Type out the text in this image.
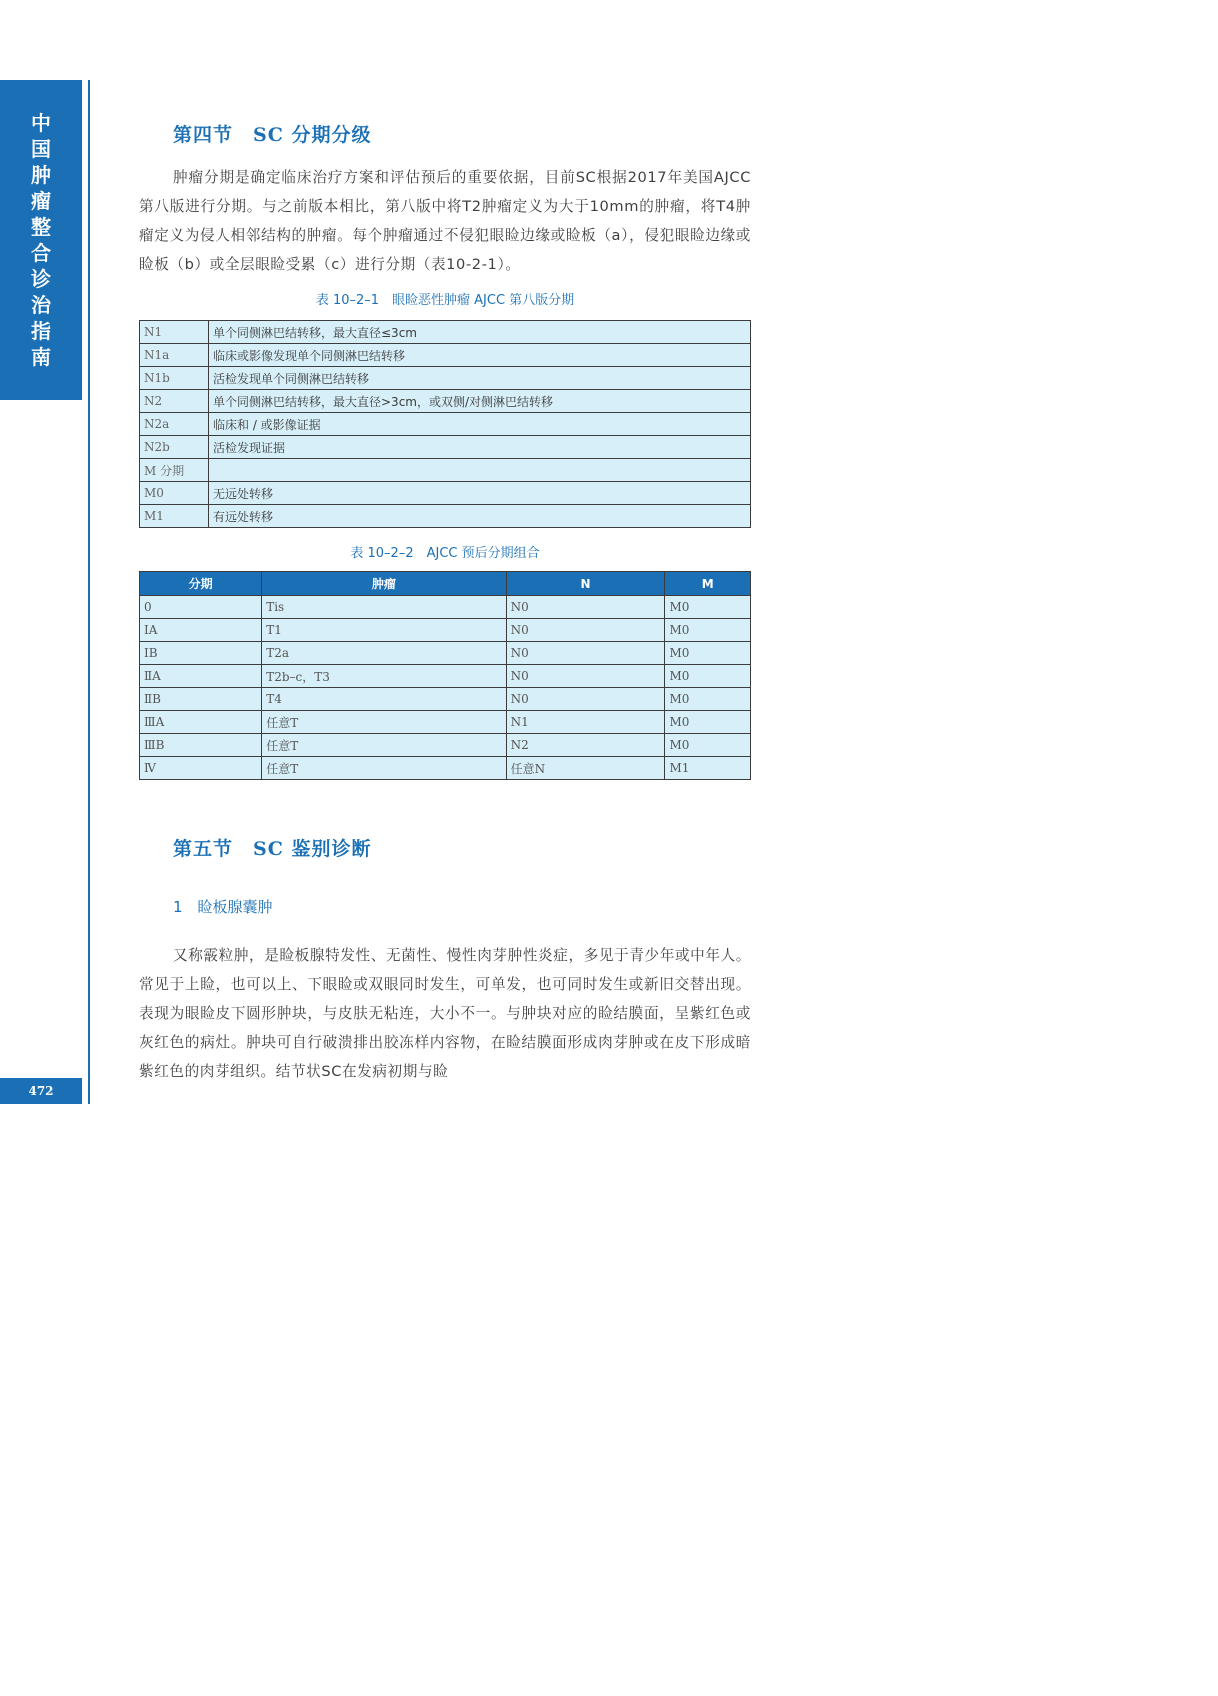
中
国
肿
瘤
整
合
诊
治
指
南
472
第四节　SC 分期分级

肿瘤分期是确定临床治疗方案和评估预后的重要依据，目前SC根据2017年美国AJCC第八版进行分期。与之前版本相比，第八版中将T2肿瘤定义为大于10mm的肿瘤，将T4肿瘤定义为侵人相邻结构的肿瘤。每个肿瘤通过不侵犯眼睑边缘或睑板（a），侵犯眼睑边缘或睑板（b）或全层眼睑受累（c）进行分期（表10-2-1）。

表 10–2–1　眼睑恶性肿瘤 AJCC 第八版分期

N1	单个同侧淋巴结转移，最大直径≤3cm
N1a	临床或影像发现单个同侧淋巴结转移
N1b	活检发现单个同侧淋巴结转移
N2	单个同侧淋巴结转移，最大直径>3cm，或双侧/对侧淋巴结转移
N2a	临床和 / 或影像证据
N2b	活检发现证据
M 分期	
M0	无远处转移
M1	有远处转移

表 10–2–2　AJCC 预后分期组合

分期	肿瘤	N	M
0	Tis	N0	M0
ⅠA	T1	N0	M0
ⅠB	T2a	N0	M0
ⅡA	T2b–c，T3	N0	M0
ⅡB	T4	N0	M0
ⅢA	任意T	N1	M0
ⅢB	任意T	N2	M0
Ⅳ	任意T	任意N	M1
第五节　SC 鉴别诊断

1　睑板腺囊肿

又称霰粒肿，是睑板腺特发性、无菌性、慢性肉芽肿性炎症，多见于青少年或中年人。常见于上睑，也可以上、下眼睑或双眼同时发生，可单发，也可同时发生或新旧交替出现。表现为眼睑皮下圆形肿块，与皮肤无粘连，大小不一。与肿块对应的睑结膜面，呈紫红色或灰红色的病灶。肿块可自行破溃排出胶冻样内容物，在睑结膜面形成肉芽肿或在皮下形成暗紫红色的肉芽组织。结节状SC在发病初期与睑
